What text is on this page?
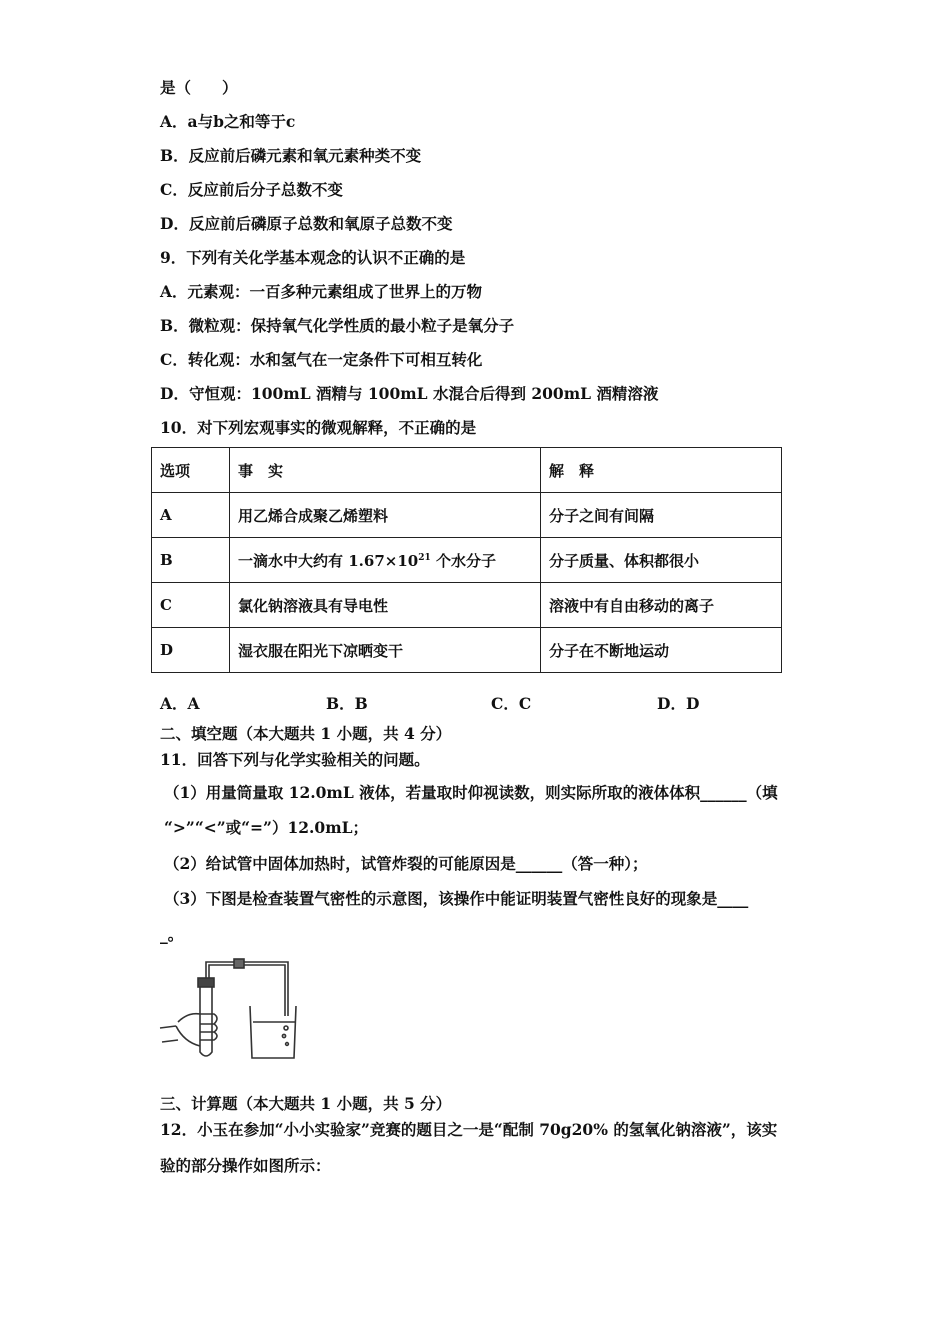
是（　　）
A．a与b之和等于c
B．反应前后磷元素和氧元素种类不变
C．反应前后分子总数不变
D．反应前后磷原子总数和氧原子总数不变
9．下列有关化学基本观念的认识不正确的是
A．元素观：一百多种元素组成了世界上的万物
B．微粒观：保持氧气化学性质的最小粒子是氧分子
C．转化观：水和氢气在一定条件下可相互转化
D．守恒观：100mL 酒精与 100mL 水混合后得到 200mL 酒精溶液
10．对下列宏观事实的微观解释，不正确的是
选项	事　实	解　释
A	用乙烯合成聚乙烯塑料	分子之间有间隔
B	一滴水中大约有 $1.67\times 10^{21}$ 个水分子	分子质量、体积都很小
C	氯化钠溶液具有导电性	溶液中有自由移动的离子
D	湿衣服在阳光下凉晒变干	分子在不断地运动
A．A	B．B	C．C	D．D
二、填空题（本大题共 1 小题，共 4 分）
11．回答下列与化学实验相关的问题。
（1）用量筒量取 12.0mL 液体，若量取时仰视读数，则实际所取的液体体积______（填
“>”“<”或“=”）12.0mL；
（2）给试管中固体加热时，试管炸裂的可能原因是______（答一种）；
（3）下图是检查装置气密性的示意图，该操作中能证明装置气密性良好的现象是____
_。
三、计算题（本大题共 1 小题，共 5 分）
12．小玉在参加“小小实验家”竞赛的题目之一是“配制 70g20% 的氢氧化钠溶液”，该实
验的部分操作如图所示：
